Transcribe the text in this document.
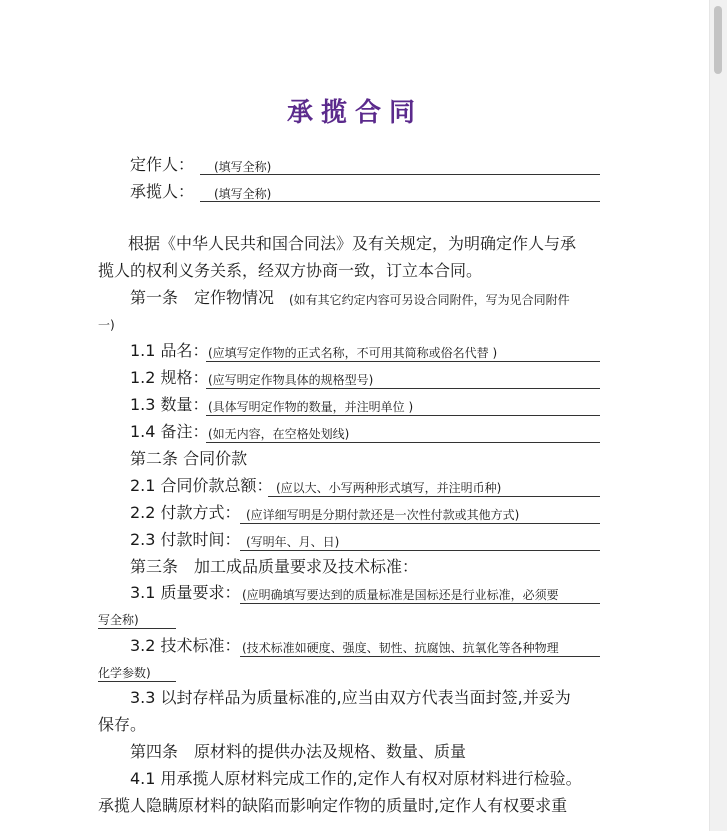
承揽合同
定作人： (填写全称)
承揽人： (填写全称)
根据《中华人民共和国合同法》及有关规定，为明确定作人与承
揽人的权利义务关系，经双方协商一致，订立本合同。
第一条　定作物情况 (如有其它约定内容可另设合同附件，写为见合同附件
一)
1.1 品名： (应填写定作物的正式名称，不可用其简称或俗名代替 )
1.2 规格： (应写明定作物具体的规格型号)
1.3 数量： (具体写明定作物的数量，并注明单位 )
1.4 备注： (如无内容，在空格处划线)
第二条 合同价款
2.1 合同价款总额： (应以大、小写两种形式填写，并注明币种)
2.2 付款方式： (应详细写明是分期付款还是一次性付款或其他方式)
2.3 付款时间： (写明年、月、日)
第三条　加工成品质量要求及技术标准：
3.1 质量要求： (应明确填写要达到的质量标准是国标还是行业标准，必须要
写全称)
3.2 技术标准： (技术标准如硬度、强度、韧性、抗腐蚀、抗氧化等各种物理
化学参数)
3.3 以封存样品为质量标准的,应当由双方代表当面封签,并妥为
保存。
第四条　原材料的提供办法及规格、数量、质量
4.1 用承揽人原材料完成工作的,定作人有权对原材料进行检验。
承揽人隐瞒原材料的缺陷而影响定作物的质量时,定作人有权要求重
